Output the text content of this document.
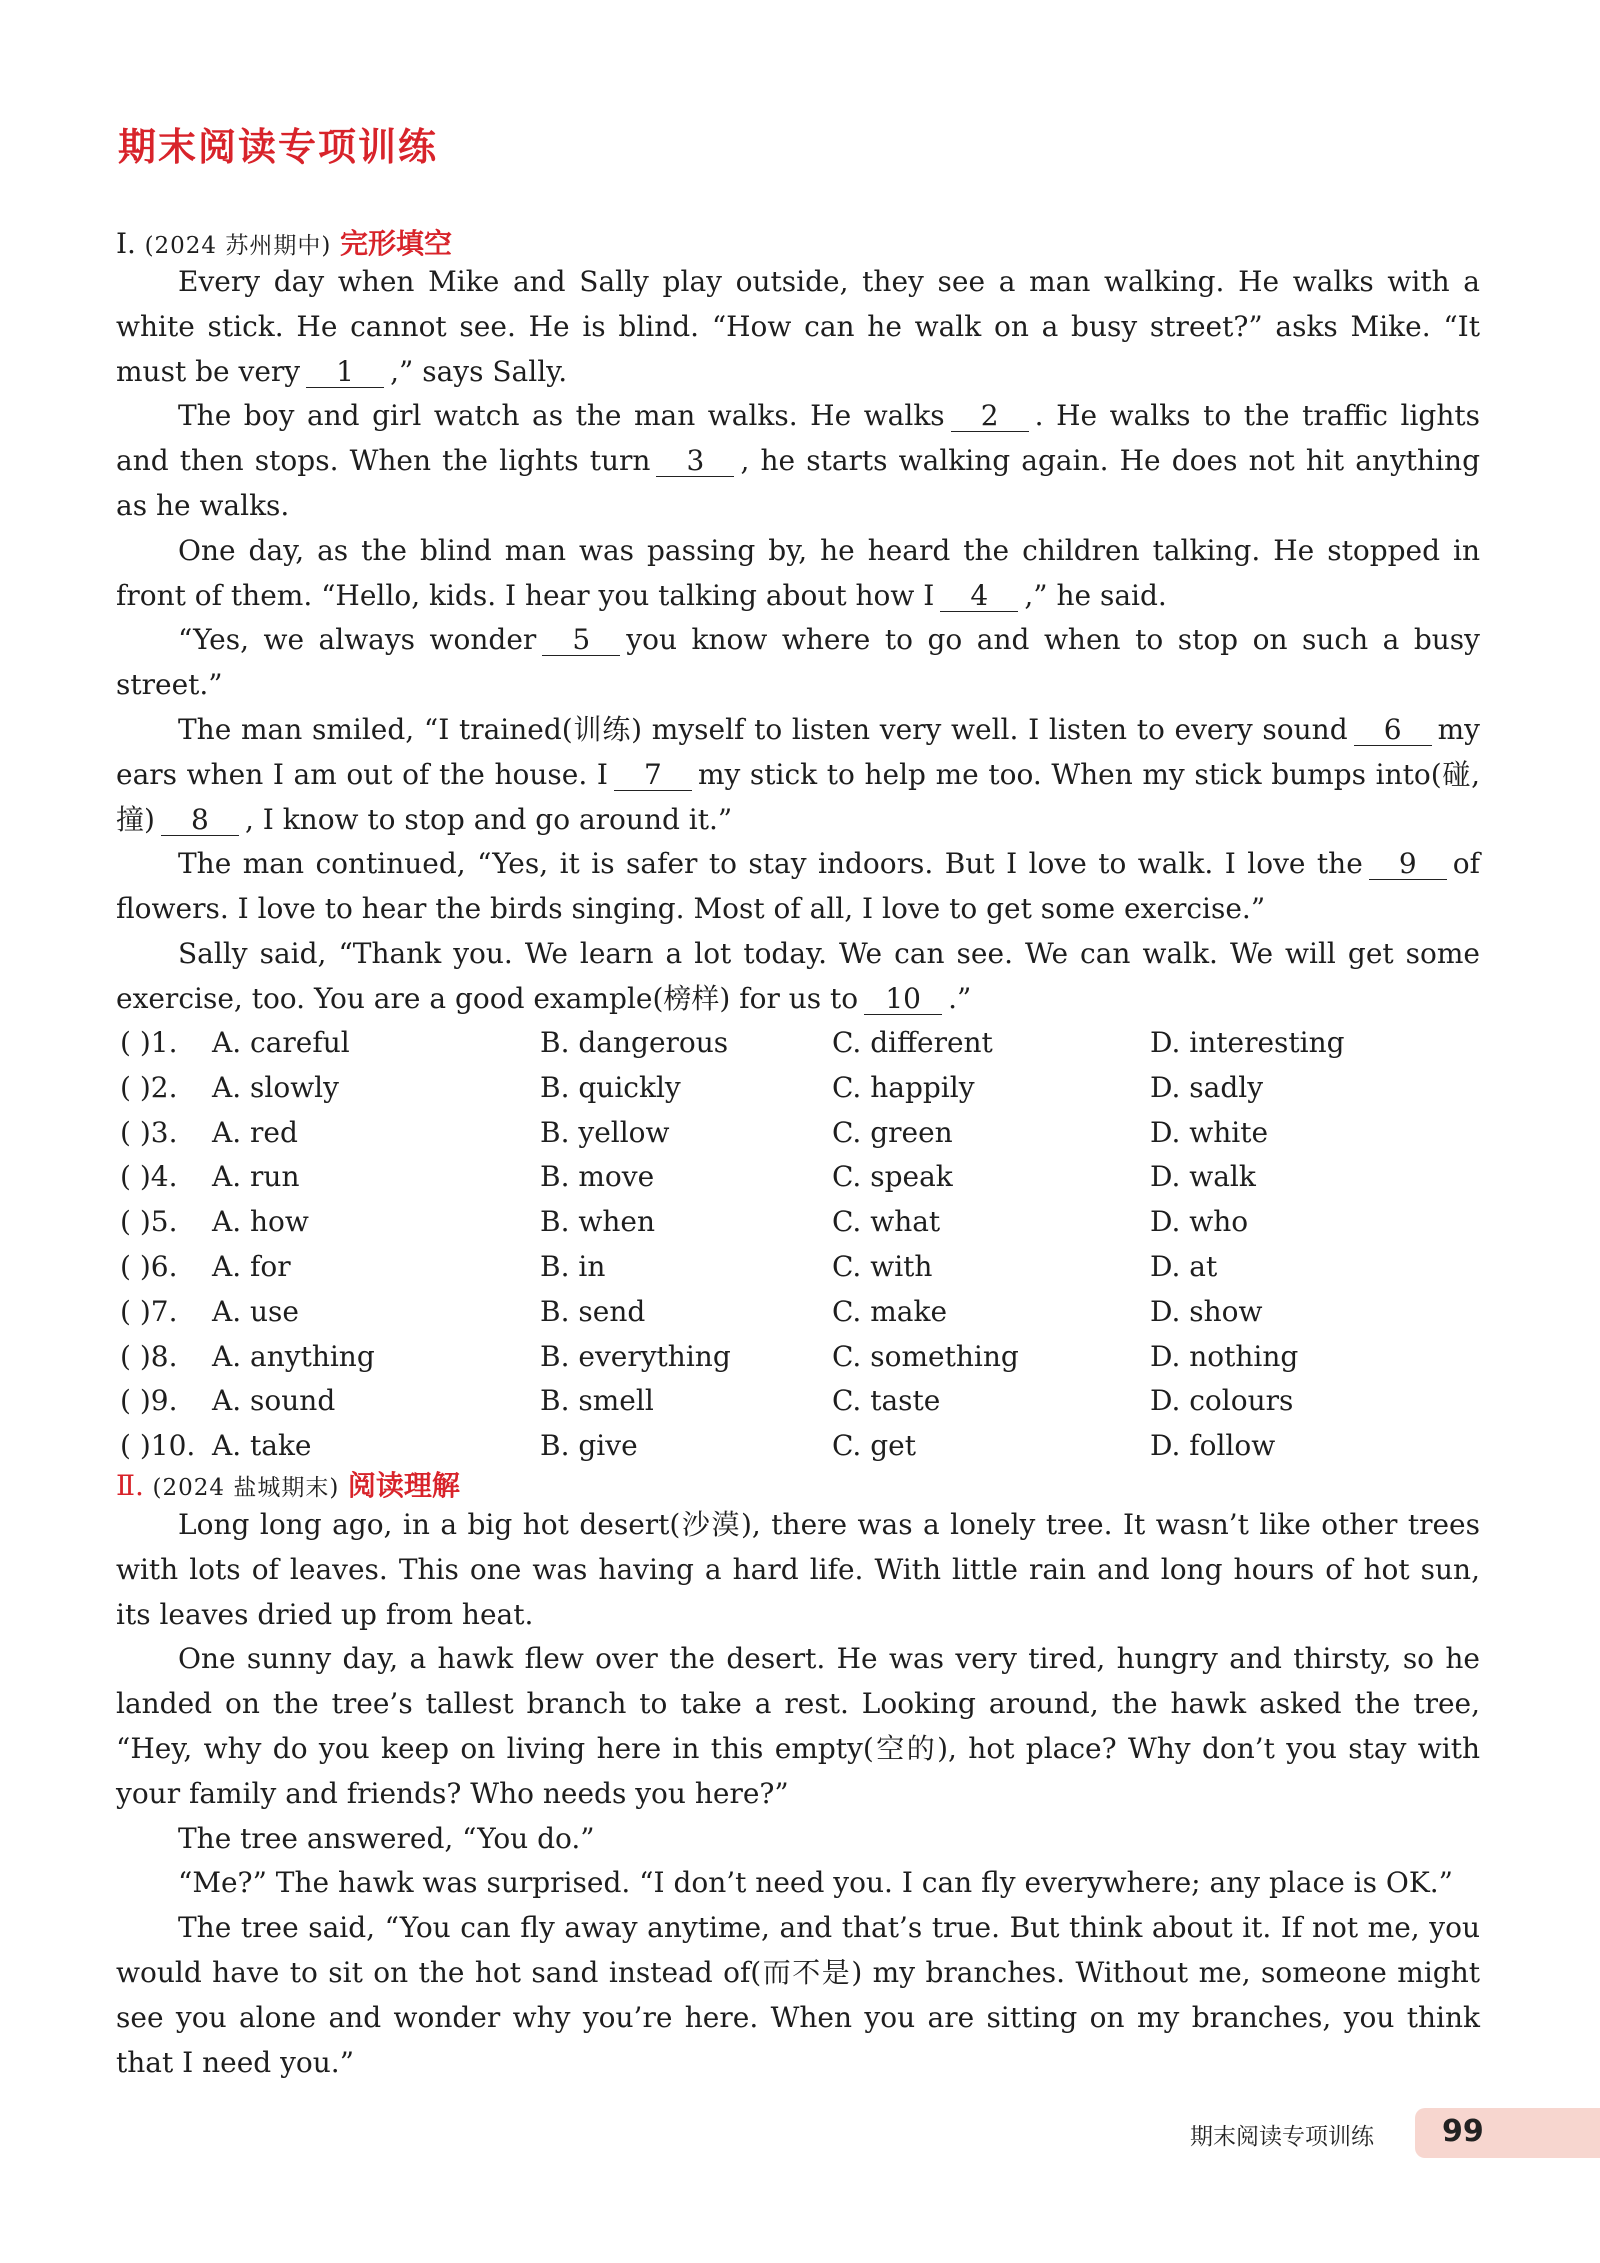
期末阅读专项训练
Ⅰ. (2024 苏州期中) 完形填空

Every day when Mike and Sally play outside, they see a man walking. He walks with a white stick. He cannot see. He is blind. “How can he walk on a busy street?” asks Mike. “It must be very 1 ,” says Sally.

The boy and girl watch as the man walks. He walks 2 . He walks to the traffic lights and then stops. When the lights turn 3 , he starts walking again. He does not hit anything as he walks.

One day, as the blind man was passing by, he heard the children talking. He stopped in front of them. “Hello, kids. I hear you talking about how I 4 ,” he said.

“Yes, we always wonder 5 you know where to go and when to stop on such a busy street.”

The man smiled, “I trained(训练) myself to listen very well. I listen to every sound 6 my ears when I am out of the house. I 7 my stick to help me too. When my stick bumps into(碰, 撞) 8 , I know to stop and go around it.”

The man continued, “Yes, it is safer to stay indoors. But I love to walk. I love the 9 of flowers. I love to hear the birds singing. Most of all, I love to get some exercise.”

Sally said, “Thank you. We learn a lot today. We can see. We can walk. We will get some exercise, too. You are a good example(榜样) for us to 10 .”

( )1. A. careful	B. dangerous	C. different	D. interesting
( )2. A. slowly	B. quickly	C. happily	D. sadly
( )3. A. red	B. yellow	C. green	D. white
( )4. A. run	B. move	C. speak	D. walk
( )5. A. how	B. when	C. what	D. who
( )6. A. for	B. in	C. with	D. at
( )7. A. use	B. send	C. make	D. show
( )8. A. anything	B. everything	C. something	D. nothing
( )9. A. sound	B. smell	C. taste	D. colours
( )10. A. take	B. give	C. get	D. follow
Ⅱ. (2024 盐城期末) 阅读理解

Long long ago, in a big hot desert(沙漠), there was a lonely tree. It wasn’t like other trees with lots of leaves. This one was having a hard life. With little rain and long hours of hot sun, its leaves dried up from heat.

One sunny day, a hawk flew over the desert. He was very tired, hungry and thirsty, so he landed on the tree’s tallest branch to take a rest. Looking around, the hawk asked the tree, “Hey, why do you keep on living here in this empty(空的), hot place? Why don’t you stay with your family and friends? Who needs you here?”

The tree answered, “You do.”

“Me?” The hawk was surprised. “I don’t need you. I can fly everywhere; any place is OK.”

The tree said, “You can fly away anytime, and that’s true. But think about it. If not me, you would have to sit on the hot sand instead of(而不是) my branches. Without me, someone might see you alone and wonder why you’re here. When you are sitting on my branches, you think that I need you.”

期末阅读专项训练 99
